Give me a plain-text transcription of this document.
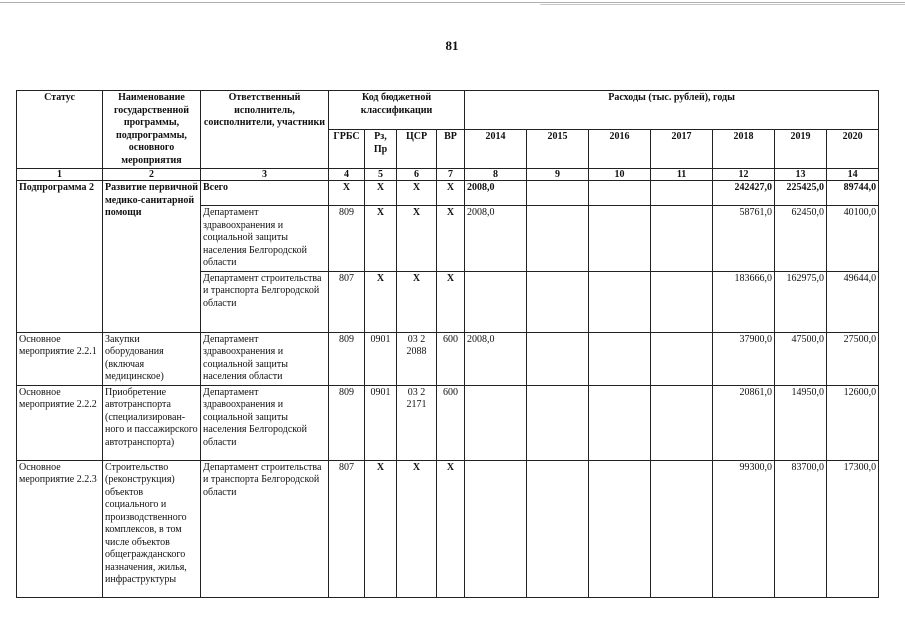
81
Статус	Наименование государственной программы, подпрограммы, основного мероприятия	Ответственный исполнитель, соисполнители, участники	Код бюджетной классификации				Расходы (тыс. рублей), годы						
			ГРБС	Рз, Пр	ЦСР	ВР	2014	2015	2016	2017	2018	2019	2020
1	2	3	4	5	6	7	8	9	10	11	12	13	14
Подпрограмма 2	Развитие первичной медико-санитарной помощи	Всего	Х	Х	Х	Х	2008,0				242427,0	225425,0	89744,0
		Департамент здравоохранения и социальной защиты населения Белгородской области	809	Х	Х	Х	2008,0				58761,0	62450,0	40100,0
		Департамент строительства и транспорта Белгородской области	807	Х	Х	Х					183666,0	162975,0	49644,0
Основное мероприятие 2.2.1	Закупки оборудования (включая медицинское)	Департамент здравоохранения и социальной защиты населения области	809	0901	03 2 2088	600	2008,0				37900,0	47500,0	27500,0
Основное мероприятие 2.2.2	Приобретение автотранспорта (специализирован-ного и пассажирского автотранспорта)	Департамент здравоохранения и социальной защиты населения Белгородской области	809	0901	03 2 2171	600					20861,0	14950,0	12600,0
Основное мероприятие 2.2.3	Строительство (реконструкция) объектов социального и производственного комплексов, в том числе объектов общегражданского назначения, жилья, инфраструктуры	Департамент строительства и транспорта Белгородской области	807	Х	Х	Х					99300,0	83700,0	17300,0
